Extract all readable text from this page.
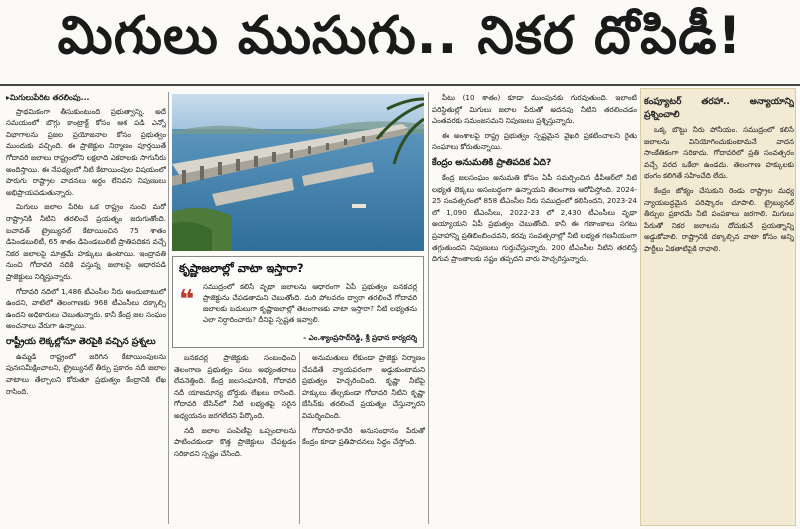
మిగులు ముసుగు.. నికర దోపిడీ!
▸ మిగులుపేరిట తరలింపు...

ప్రాథమికంగా తీసుకుంటుంది ప్రభుత్వాన్ని. అదే సమయంలో బొగ్గు కాంట్రాక్ట్ కోసం ఆశ పడి ఎన్నో విభాగాలను ప్రజల ప్రయోజనాల కోసం ప్రభుత్వం ముందుకు వచ్చింది. ఈ ప్రాజెక్టుల నిర్మాణం పూర్తయితే గోదావరి జలాలు రాష్ట్రంలోని లక్షలాది ఎకరాలకు సాగునీరు అందిస్తాయి. ఈ నేపథ్యంలో నీటి కేటాయింపుల విషయంలో పొరుగు రాష్ట్రాల వాదనలు అర్థం లేనివని నిపుణులు అభిప్రాయపడుతున్నారు.

మిగులు జలాల పేరిట ఒక రాష్ట్రం నుంచి మరో రాష్ట్రానికి నీటిని తరలించే ప్రయత్నం జరుగుతోంది. బచావత్ ట్రైబ్యునల్ కేటాయించిన 75 శాతం డిపెండబులిటీ, 65 శాతం డిపెండబులిటీ ప్రాతిపదికన వచ్చే నికర జలాలపై మాత్రమే హక్కులు ఉంటాయి. ఇంద్రావతి నుంచి గోదావరి నదికి వస్తున్న జలాలపై ఆధారపడి ప్రాజెక్టులు నిర్మిస్తున్నారు.

గోదావరి నదిలో 1,486 టీఎంసీల నీరు అందుబాటులో ఉందని, వాటిలో తెలంగాణకు 968 టీఎంసీలు దక్కాల్సి ఉందని అధికారులు చెబుతున్నారు. కానీ కేంద్ర జల సంఘం అంచనాలు వేరుగా ఉన్నాయి.

రాష్ట్రీయ లెక్కల్లోనూ తెరపైకి వచ్చిన ప్రశ్నలు

ఉమ్మడి రాష్ట్రంలో జరిగిన కేటాయింపులను పునఃసమీక్షించాలని, ట్రైబ్యునల్ తీర్పు ప్రకారం నదీ జలాల వాటాలు తేల్చాలని కోరుతూ ప్రభుత్వం కేంద్రానికి లేఖ రాసింది.

కృష్ణాజలాల్లో వాటా ఇస్తారా?
❝	సముద్రంలో కలిసే వృథా జలాలను ఆధారంగా ఏపీ ప్రభుత్వం బనకచర్ల ప్రాజెక్టును చేపడతామని చెబుతోంది. మరి పోలవరం ద్వారా తరలించే గోదావరి జలాలకు బదులుగా కృష్ణాజలాల్లో తెలంగాణకు వాటా ఇస్తారా? నీటి లభ్యతను ఎలా నిర్ధారించారు? దీనిపై స్పష్టత ఇవ్వాలి.
- ఎం.శ్యాంప్రసాద్‌రెడ్డి, శ్రీ ప్రధాన కార్యదర్శి

బనకచర్ల ప్రాజెక్టుకు సంబంధించి తెలంగాణ ప్రభుత్వం పలు అభ్యంతరాలు లేవనెత్తింది. కేంద్ర జలసంఘానికి, గోదావరి నదీ యాజమాన్య బోర్డుకు లేఖలు రాసింది. గోదావరి బేసిన్‌లో నీటి లభ్యతపై సరైన అధ్యయనం జరగలేదని పేర్కొంది.

నదీ జలాల పంపిణీపై ఒప్పందాలను పాటించకుండా కొత్త ప్రాజెక్టులు చేపట్టడం సరికాదని స్పష్టం చేసింది.

అనుమతులు లేకుండా ప్రాజెక్టు నిర్మాణం చేపడితే న్యాయపరంగా అడ్డుకుంటామని ప్రభుత్వం హెచ్చరించింది. కృష్ణా నీటిపై హక్కులు తేల్చకుండా గోదావరి నీటిని కృష్ణా బేసిన్‌కు తరలించే ప్రయత్నం చేస్తున్నారని విమర్శించింది.

గోదావరి-కావేరి అనుసంధానం పేరుతో కేంద్రం కూడా ప్రతిపాదనలు సిద్ధం చేస్తోంది.

పీటు (10 శాతం) కూడా ముంపునకు గురవుతుంది. ఇలాంటి పరిస్థితుల్లో మిగులు జలాల పేరుతో అదనపు నీటిని తరలించడం ఎంతవరకు సమంజసమని నిపుణులు ప్రశ్నిస్తున్నారు.

ఈ అంశాలపై రాష్ట్ర ప్రభుత్వం స్పష్టమైన వైఖరి ప్రకటించాలని రైతు సంఘాలు కోరుతున్నాయి.

కేంద్రం అనుమతికి ప్రాతిపదిక ఏది?

కేంద్ర జలసంఘం అనుమతి కోసం ఏపీ సమర్పించిన డీపీఆర్‌లో నీటి లభ్యత లెక్కలు అసంబద్ధంగా ఉన్నాయని తెలంగాణ ఆరోపిస్తోంది. 2024-25 సంవత్సరంలో 858 టీఎంసీల నీరు సముద్రంలో కలిసిందని, 2023-24 లో 1,090 టీఎంసీలు, 2022-23 లో 2,430 టీఎంసీలు వృథా అయ్యాయని ఏపీ ప్రభుత్వం చెబుతోంది. కానీ ఈ గణాంకాలు సగటు ప్రవాహాన్ని ప్రతిబింబించవని, కరవు సంవత్సరాల్లో నీటి లభ్యత గణనీయంగా తగ్గుతుందని నిపుణులు గుర్తుచేస్తున్నారు. 200 టీఎంసీల నీటిని తరలిస్తే దిగువ ప్రాంతాలకు నష్టం తప్పదని వారు హెచ్చరిస్తున్నారు.

కంప్యూటర్ తరహా.. అన్యాయాన్ని ప్రశ్నించాలి

ఒక్క బొట్టు నీరు పోనీయం. సముద్రంలో కలిసే జలాలను వినియోగించుకుంటామనే వాదన సాంకేతికంగా సరికాదు. గోదావరిలో ప్రతి సంవత్సరం వచ్చే వరద ఒకేలా ఉండదు. తెలంగాణ హక్కులకు భంగం కలిగితే సహించేది లేదు.

కేంద్రం జోక్యం చేసుకుని రెండు రాష్ట్రాల మధ్య న్యాయబద్ధమైన పరిష్కారం చూపాలి. ట్రైబ్యునల్ తీర్పుల ప్రకారమే నీటి పంపకాలు జరగాలి. మిగులు పేరుతో నికర జలాలను దోచుకునే ప్రయత్నాన్ని అడ్డుకోవాలి. రాష్ట్రానికి దక్కాల్సిన వాటా కోసం అన్ని పార్టీలు ఏకతాటిపైకి రావాలి.
